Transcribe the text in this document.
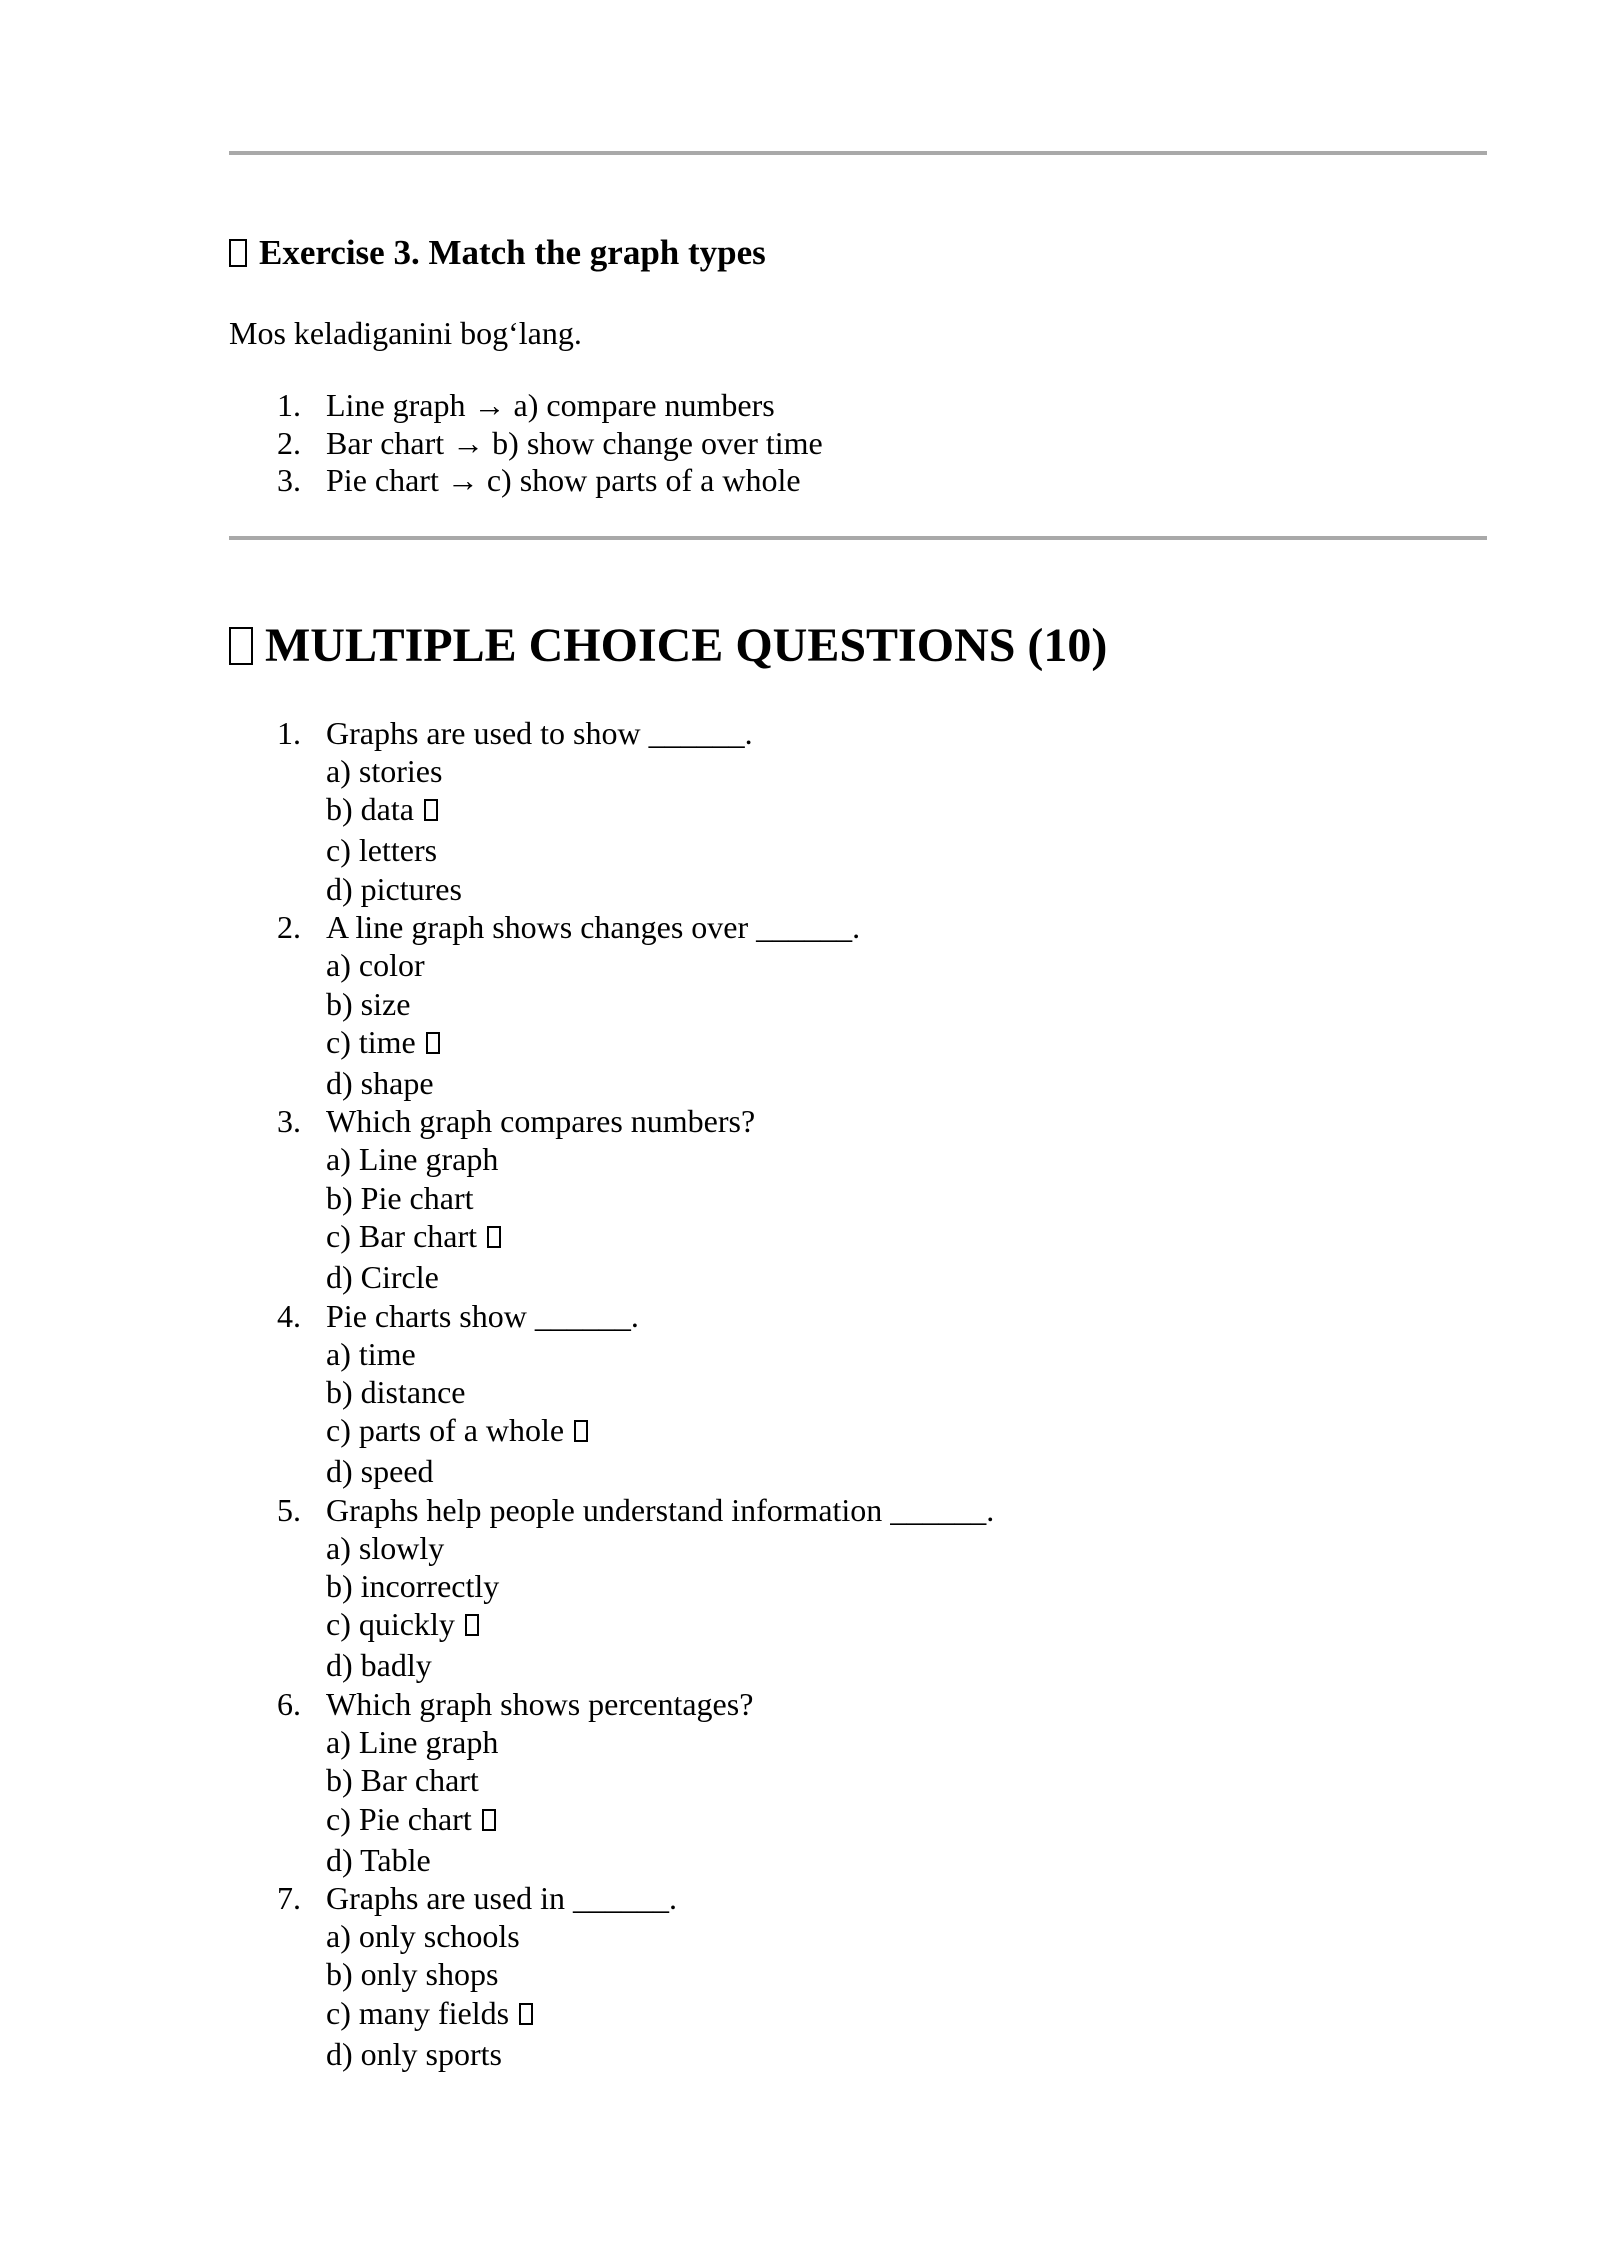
Exercise 3. Match the graph types
Mos keladiganini bog‘lang.
1. Line graph → a) compare numbers
2. Bar chart → b) show change over time
3. Pie chart → c) show parts of a whole
MULTIPLE CHOICE QUESTIONS (10)
1. Graphs are used to show ______.
a) stories
b) data
c) letters
d) pictures
2. A line graph shows changes over ______.
a) color
b) size
c) time
d) shape
3. Which graph compares numbers?
a) Line graph
b) Pie chart
c) Bar chart
d) Circle
4. Pie charts show ______.
a) time
b) distance
c) parts of a whole
d) speed
5. Graphs help people understand information ______.
a) slowly
b) incorrectly
c) quickly
d) badly
6. Which graph shows percentages?
a) Line graph
b) Bar chart
c) Pie chart
d) Table
7. Graphs are used in ______.
a) only schools
b) only shops
c) many fields
d) only sports
